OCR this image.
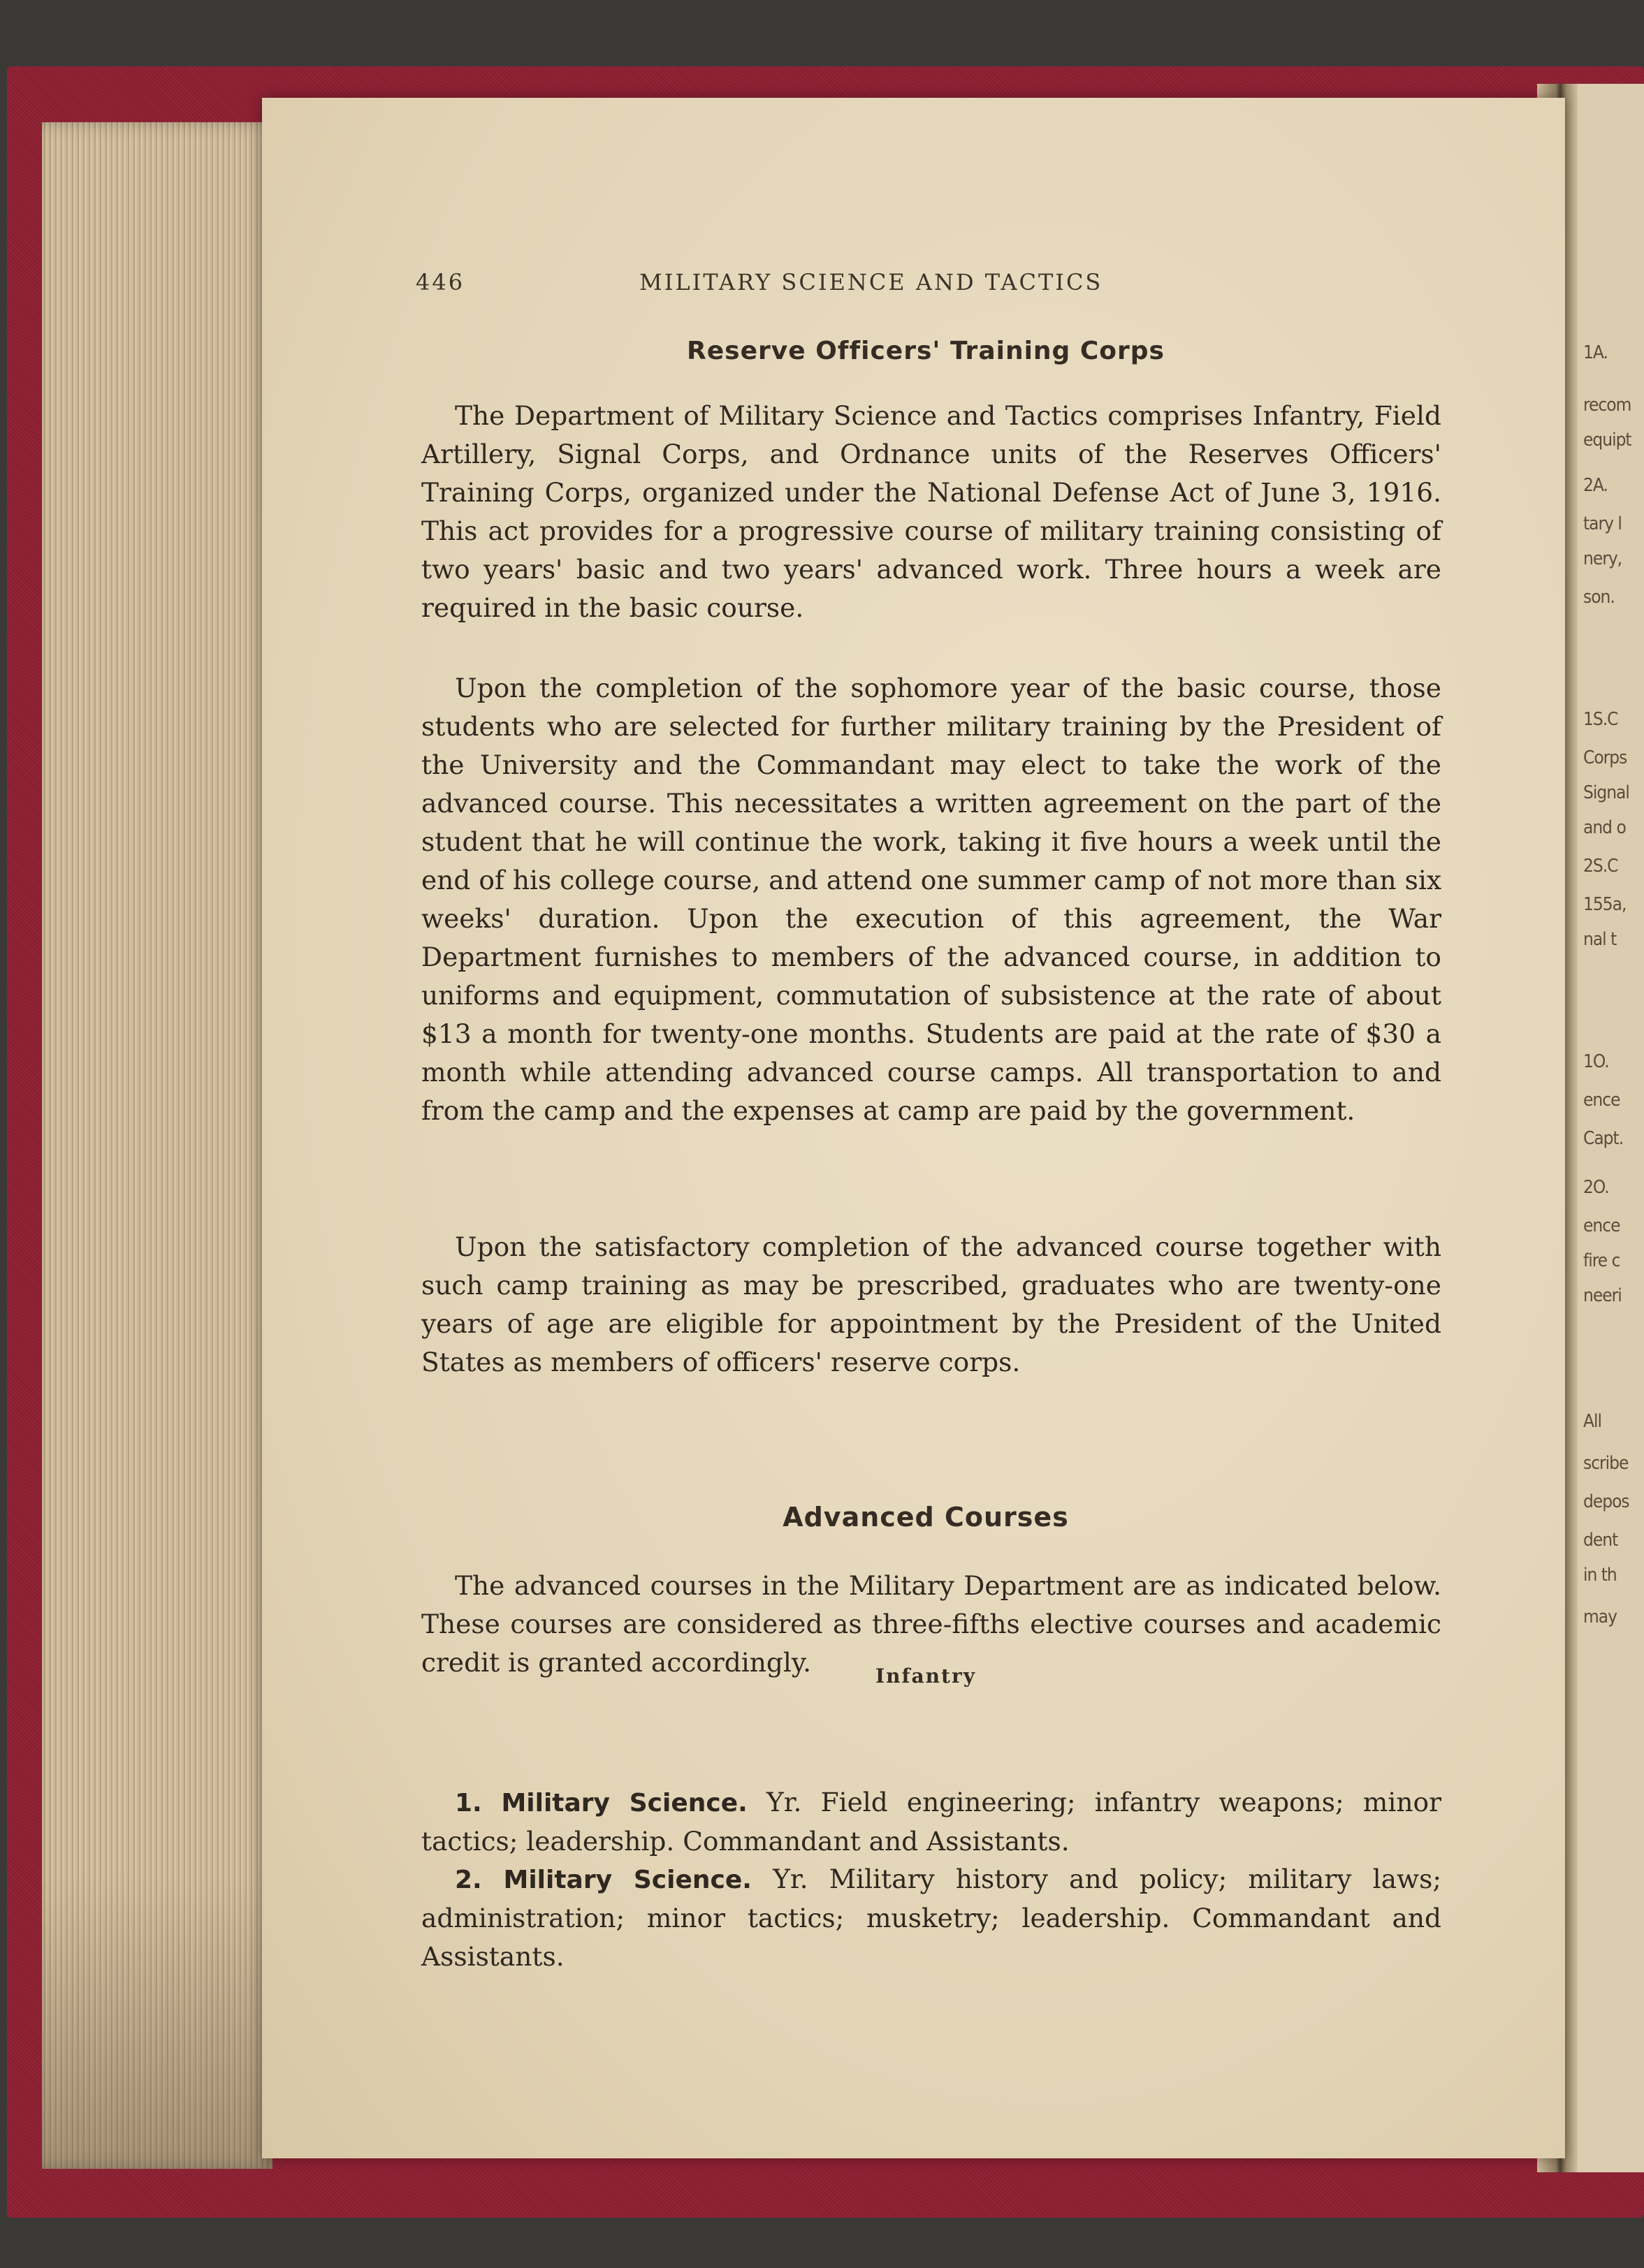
1A.
recom
equipt
2A.
tary l
nery,
son.
1S.C
Corps
Signal
and o
2S.C
155a,
nal t
1O.
ence
Capt.
2O.
ence
fire c
neeri
All
scribe
depos
dent
in th
may
446	MILITARY SCIENCE AND TACTICS
Reserve Officers' Training Corps

The Department of Military Science and Tactics comprises Infantry, Field Artillery, Signal Corps, and Ordnance units of the Reserves Officers' Training Corps, organized under the National Defense Act of June 3, 1916. This act provides for a progressive course of military training consisting of two years' basic and two years' advanced work. Three hours a week are required in the basic course.

Upon the completion of the sophomore year of the basic course, those students who are selected for further military training by the President of the University and the Commandant may elect to take the work of the advanced course. This necessitates a written agreement on the part of the student that he will continue the work, taking it five hours a week until the end of his college course, and attend one summer camp of not more than six weeks' duration. Upon the execution of this agreement, the War Department furnishes to members of the advanced course, in addition to uniforms and equipment, commutation of subsistence at the rate of about $13 a month for twenty-one months. Students are paid at the rate of $30 a month while attending advanced course camps. All transportation to and from the camp and the expenses at camp are paid by the government.

Upon the satisfactory completion of the advanced course together with such camp training as may be prescribed, graduates who are twenty-one years of age are eligible for appointment by the President of the United States as members of officers' reserve corps.

Advanced Courses

The advanced courses in the Military Department are as indicated below. These courses are considered as three-fifths elective courses and academic credit is granted accordingly.	Infantry

1. Military Science. Yr. Field engineering; infantry weapons; minor tactics; leadership. Commandant and Assistants.

2. Military Science. Yr. Military history and policy; military laws; administration; minor tactics; musketry; leadership. Commandant and Assistants.
